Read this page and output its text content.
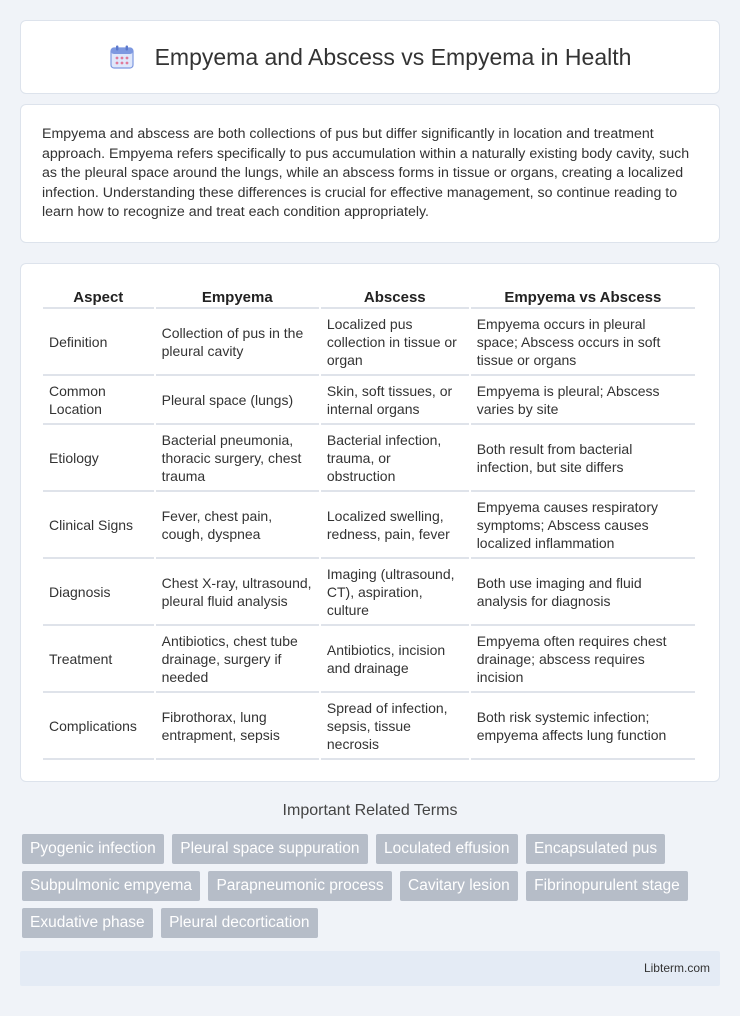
Empyema and Abscess vs Empyema in Health

Empyema and abscess are both collections of pus but differ significantly in location and treatment approach. Empyema refers specifically to pus accumulation within a naturally existing body cavity, such as the pleural space around the lungs, while an abscess forms in tissue or organs, creating a localized infection. Understanding these differences is crucial for effective management, so continue reading to learn how to recognize and treat each condition appropriately.

Aspect	Empyema	Abscess	Empyema vs Abscess
Definition	Collection of pus in the pleural cavity	Localized pus collection in tissue or organ	Empyema occurs in pleural space; Abscess occurs in soft tissue or organs
Common Location	Pleural space (lungs)	Skin, soft tissues, or internal organs	Empyema is pleural; Abscess varies by site
Etiology	Bacterial pneumonia, thoracic surgery, chest trauma	Bacterial infection, trauma, or obstruction	Both result from bacterial infection, but site differs
Clinical Signs	Fever, chest pain, cough, dyspnea	Localized swelling, redness, pain, fever	Empyema causes respiratory symptoms; Abscess causes localized inflammation
Diagnosis	Chest X-ray, ultrasound, pleural fluid analysis	Imaging (ultrasound, CT), aspiration, culture	Both use imaging and fluid analysis for diagnosis
Treatment	Antibiotics, chest tube drainage, surgery if needed	Antibiotics, incision and drainage	Empyema often requires chest drainage; abscess requires incision
Complications	Fibrothorax, lung entrapment, sepsis	Spread of infection, sepsis, tissue necrosis	Both risk systemic infection; empyema affects lung function
Important Related Terms
Pyogenic infection Pleural space suppuration Loculated effusion Encapsulated pus
Subpulmonic empyema Parapneumonic process Cavitary lesion Fibrinopurulent stage
Exudative phase Pleural decortication
Libterm.com
